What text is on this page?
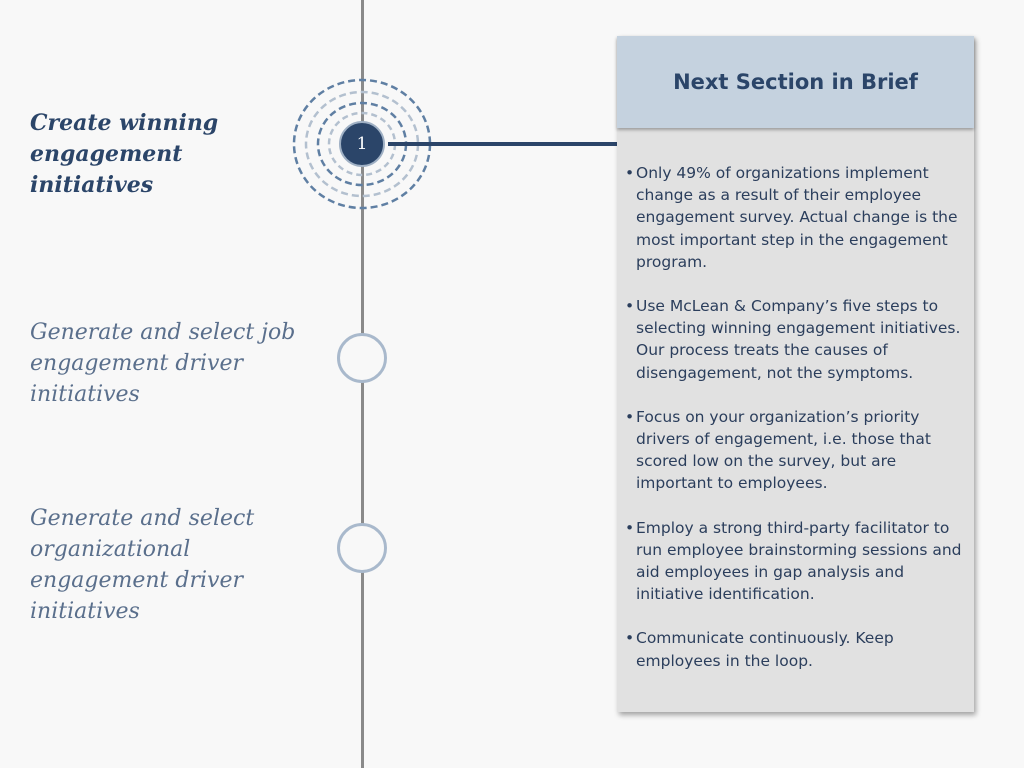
1
Create winning engagement initiatives
Generate and select job engagement driver initiatives
Generate and select organizational engagement driver initiatives
Next Section in Brief
• Only 49% of organizations implement change as a result of their employee engagement survey. Actual change is the most important step in the engagement program.
• Use McLean & Company’s five steps to selecting winning engagement initiatives. Our process treats the causes of disengagement, not the symptoms.
• Focus on your organization’s priority drivers of engagement, i.e. those that scored low on the survey, but are important to employees.
• Employ a strong third-party facilitator to run employee brainstorming sessions and aid employees in gap analysis and initiative identification.
• Communicate continuously. Keep employees in the loop.
